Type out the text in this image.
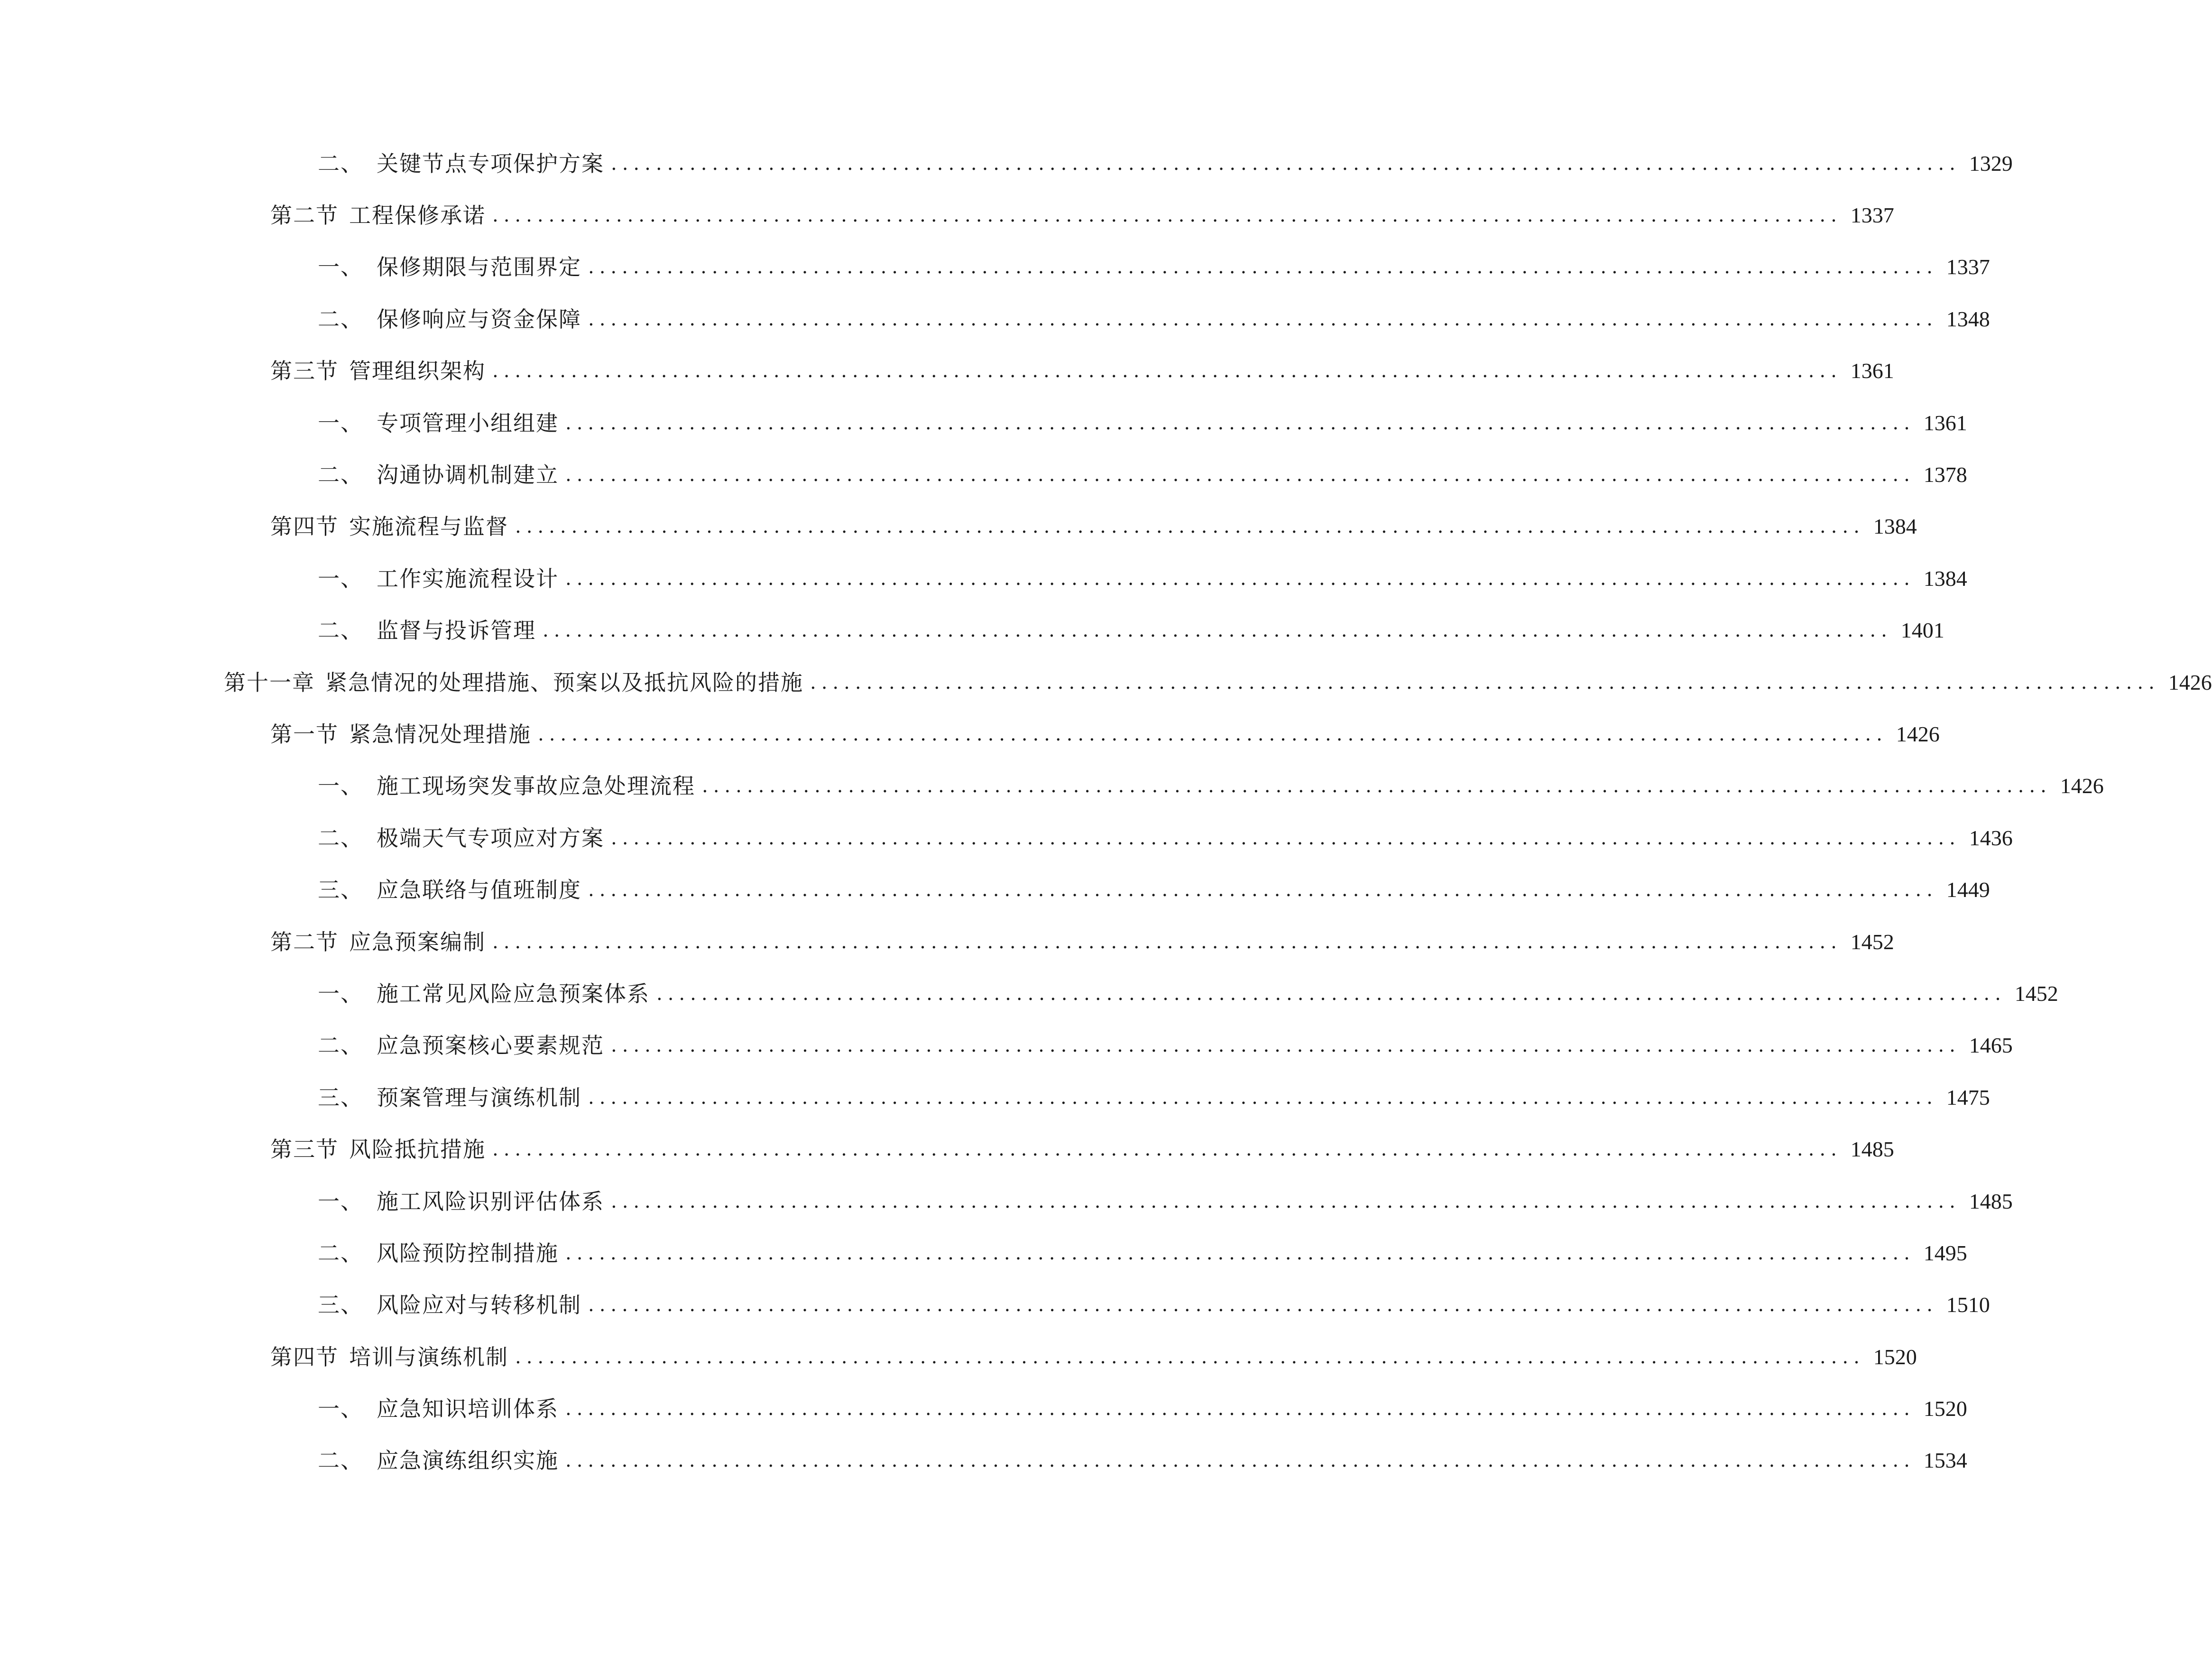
二、 关键节点专项保护方案 ........................................................................................................................ 1329
第二节 工程保修承诺 ........................................................................................................................ 1337
一、 保修期限与范围界定 ........................................................................................................................ 1337
二、 保修响应与资金保障 ........................................................................................................................ 1348
第三节 管理组织架构 ........................................................................................................................ 1361
一、 专项管理小组组建 ........................................................................................................................ 1361
二、 沟通协调机制建立 ........................................................................................................................ 1378
第四节 实施流程与监督 ........................................................................................................................ 1384
一、 工作实施流程设计 ........................................................................................................................ 1384
二、 监督与投诉管理 ........................................................................................................................ 1401
第十一章 紧急情况的处理措施、预案以及抵抗风险的措施 ........................................................................................................................ 1426
第一节 紧急情况处理措施 ........................................................................................................................ 1426
一、 施工现场突发事故应急处理流程 ........................................................................................................................ 1426
二、 极端天气专项应对方案 ........................................................................................................................ 1436
三、 应急联络与值班制度 ........................................................................................................................ 1449
第二节 应急预案编制 ........................................................................................................................ 1452
一、 施工常见风险应急预案体系 ........................................................................................................................ 1452
二、 应急预案核心要素规范 ........................................................................................................................ 1465
三、 预案管理与演练机制 ........................................................................................................................ 1475
第三节 风险抵抗措施 ........................................................................................................................ 1485
一、 施工风险识别评估体系 ........................................................................................................................ 1485
二、 风险预防控制措施 ........................................................................................................................ 1495
三、 风险应对与转移机制 ........................................................................................................................ 1510
第四节 培训与演练机制 ........................................................................................................................ 1520
一、 应急知识培训体系 ........................................................................................................................ 1520
二、 应急演练组织实施 ........................................................................................................................ 1534
